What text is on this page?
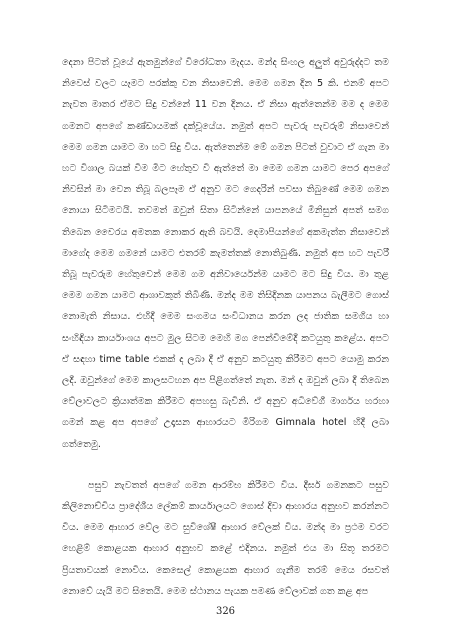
දෙනා පිටත් වූයේ ඇතමුන්ගේ විරෝධතා මැදය. මන්ද සිංහල අලුත් අවුරුද්දට තම නිවෙස් වලට යෑමට පරක්කු වන නිසාවෙනි. මෙම ගමන දින 5 කි. එනම් අපට නැවත මාතර ඒමට සිදු වන්නේ 11 වන දිනය. ඒ නිසා ඇත්තෙන්ම මම ද මෙම ගමනට අපගේ කණ්ඩායමක් දක්වූයේය. නමුත් අපට පැවරු පැවරුම් නිසාවෙන් මෙම ගමන යාමට මා හට සිදු විය. ඇත්තෙන්ම මේ ගමන පිටත් වුවාට ඒ ගැන මා හට විශාල බයක් වීම මීට හේතුව වී ඇත්තේ මා මෙම ගමන යාමට පෙර අපගේ නිවසින් මා වෙන තිබූ බලපෑම ඒ අනුව මට ගෙදරින් පවසා තිබුණේ මෙම ගමන නොයා සිටීමටයි. තවමත් ඔවුන් සිතා සිටින්නේ යාපනයේ මිනිසුන් අපත් සමග තිබෙන වෛරය අමතක නොකර ඇති බවයි. දෙමාපියන්ගේ අකමැත්ත නිසාවෙන් මාගේද මෙම ගමනේ යාමට එතරම් කැමත්තක් නොතිබුණි. නමුත් අප හට පැවරී තිබූ පැවරුම හේතුවෙන් මෙම ගම අනිවාර්යෙන්ම යාමට මට සිදු විය. මා තුළ මෙම ගමන යාමට ආශාවකුත් තිබිණි. මන්ද මම තිසිදිනක යාපනය බැලීමට ගොස් නොමැති නිසාය. එහිදී මෙම සංගමය සංවිධානය කරන ලද ජාතික සමගිය හා සංහිඳියා කාර්යාංශය අපට මුල සිටම මෙහි මග පෙන්වීමේදී කටයුතු කළේය. අපට ඒ සඳහා time table එකක් ද ලබා දී ඒ අනුව කටයුතු කිරීමට අපට යොමු කරන ලදී. ඔවුන්ගේ මෙම කාලසටහන අප පිළිගත්තේ නැත. මන් ද ඔවුන් ලබා දී තිබෙන වේලාවලට ක්‍රියාත්මක කිරීමට අපහසු බැවිනි. ඒ අනුව අධිවේගී මාර්ගය හරහා ගමන් කළ අප අපගේ උදෑසන ආහාරයට මිරිගම Gimnala hotel හිදී ලබා ගත්තෙමු.

පසුව නැවතත් අපගේ ගමන ආරම්භ කිරීමට විය. දීර්ඝ ගමනකට පසුව කිලිනොච්චිය ප්‍රාදේශීය ලේකම් කාර්යාලයට ගොස් දිවා ආහාරය අනුභව කරන්නට විය. මෙම ආහාර වේල මට සුවිශේෂී ආහාර වේලක් විය. මන්ද මා ප්‍රථම වරට හෙළිම් කොළයක ආහාර අනුභව කළේ එදිනය. නමුත් එය මා සිතූ තරමට ප්‍රියතාවයක් නොවීය. කෙසෙල් කොළයක ආහාර ගැනීම තරම් මෙය රසවත් නොවේ යැයි මට සිතෙයි. මෙම ස්ථානය පැයක පමණ වේලාවක් ගත කළ අප

326
